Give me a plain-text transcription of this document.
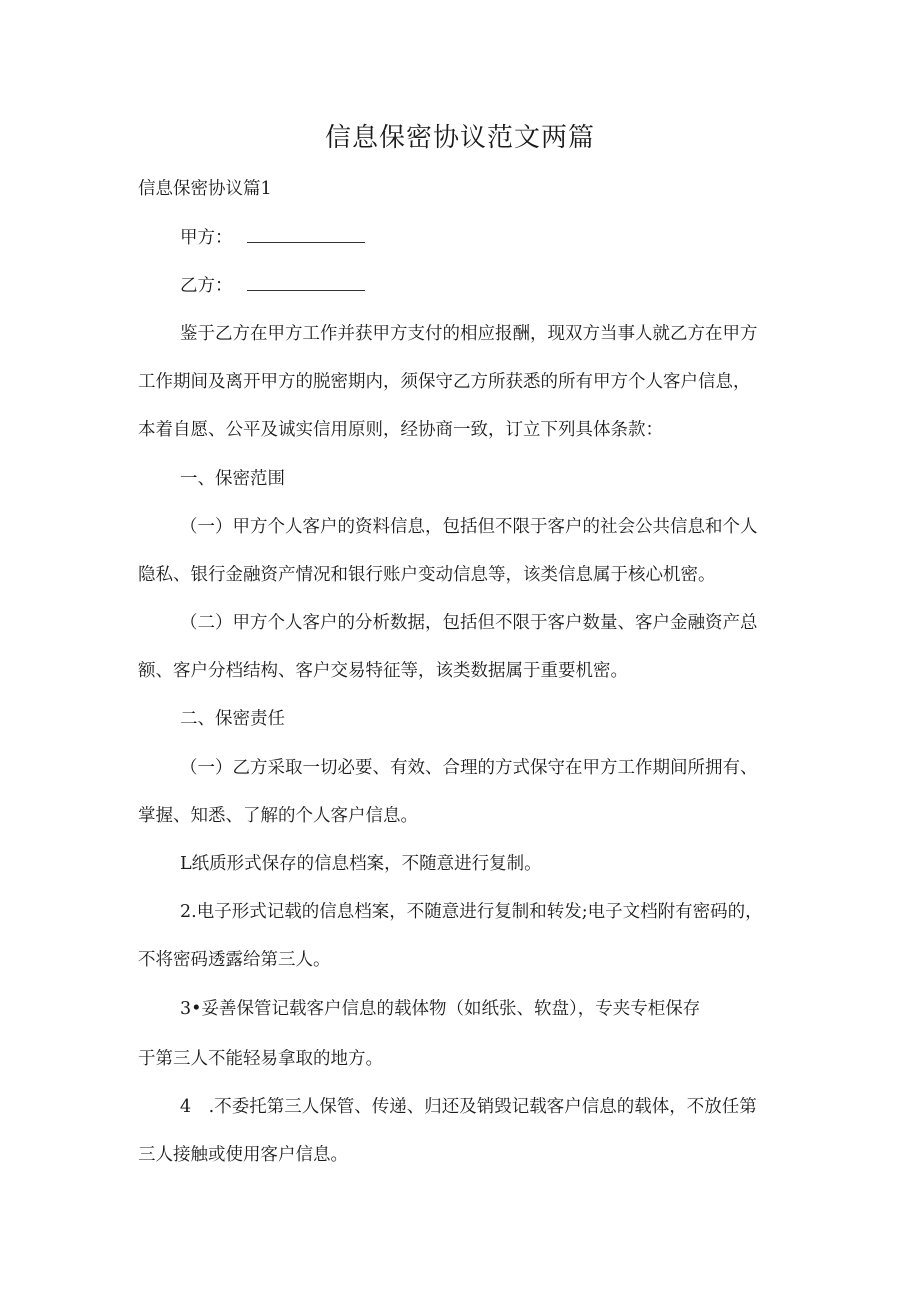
信息保密协议范文两篇
信息保密协议篇1
甲方：
乙方：
鉴于乙方在甲方工作并获甲方支付的相应报酬，现双方当事人就乙方在甲方
工作期间及离开甲方的脱密期内，须保守乙方所获悉的所有甲方个人客户信息，
本着自愿、公平及诚实信用原则，经协商一致，订立下列具体条款：
一、保密范围
（一）甲方个人客户的资料信息，包括但不限于客户的社会公共信息和个人
隐私、银行金融资产情况和银行账户变动信息等，该类信息属于核心机密。
（二）甲方个人客户的分析数据，包括但不限于客户数量、客户金融资产总
额、客户分档结构、客户交易特征等，该类数据属于重要机密。
二、保密责任
（一）乙方采取一切必要、有效、合理的方式保守在甲方工作期间所拥有、
掌握、知悉、了解的个人客户信息。
L纸质形式保存的信息档案，不随意进行复制。
2.电子形式记载的信息档案，不随意进行复制和转发;电子文档附有密码的，
不将密码透露给第三人。
3•妥善保管记载客户信息的载体物（如纸张、软盘），专夹专柜保存
于第三人不能轻易拿取的地方。
4　.不委托第三人保管、传递、归还及销毁记载客户信息的载体，不放任第
三人接触或使用客户信息。
